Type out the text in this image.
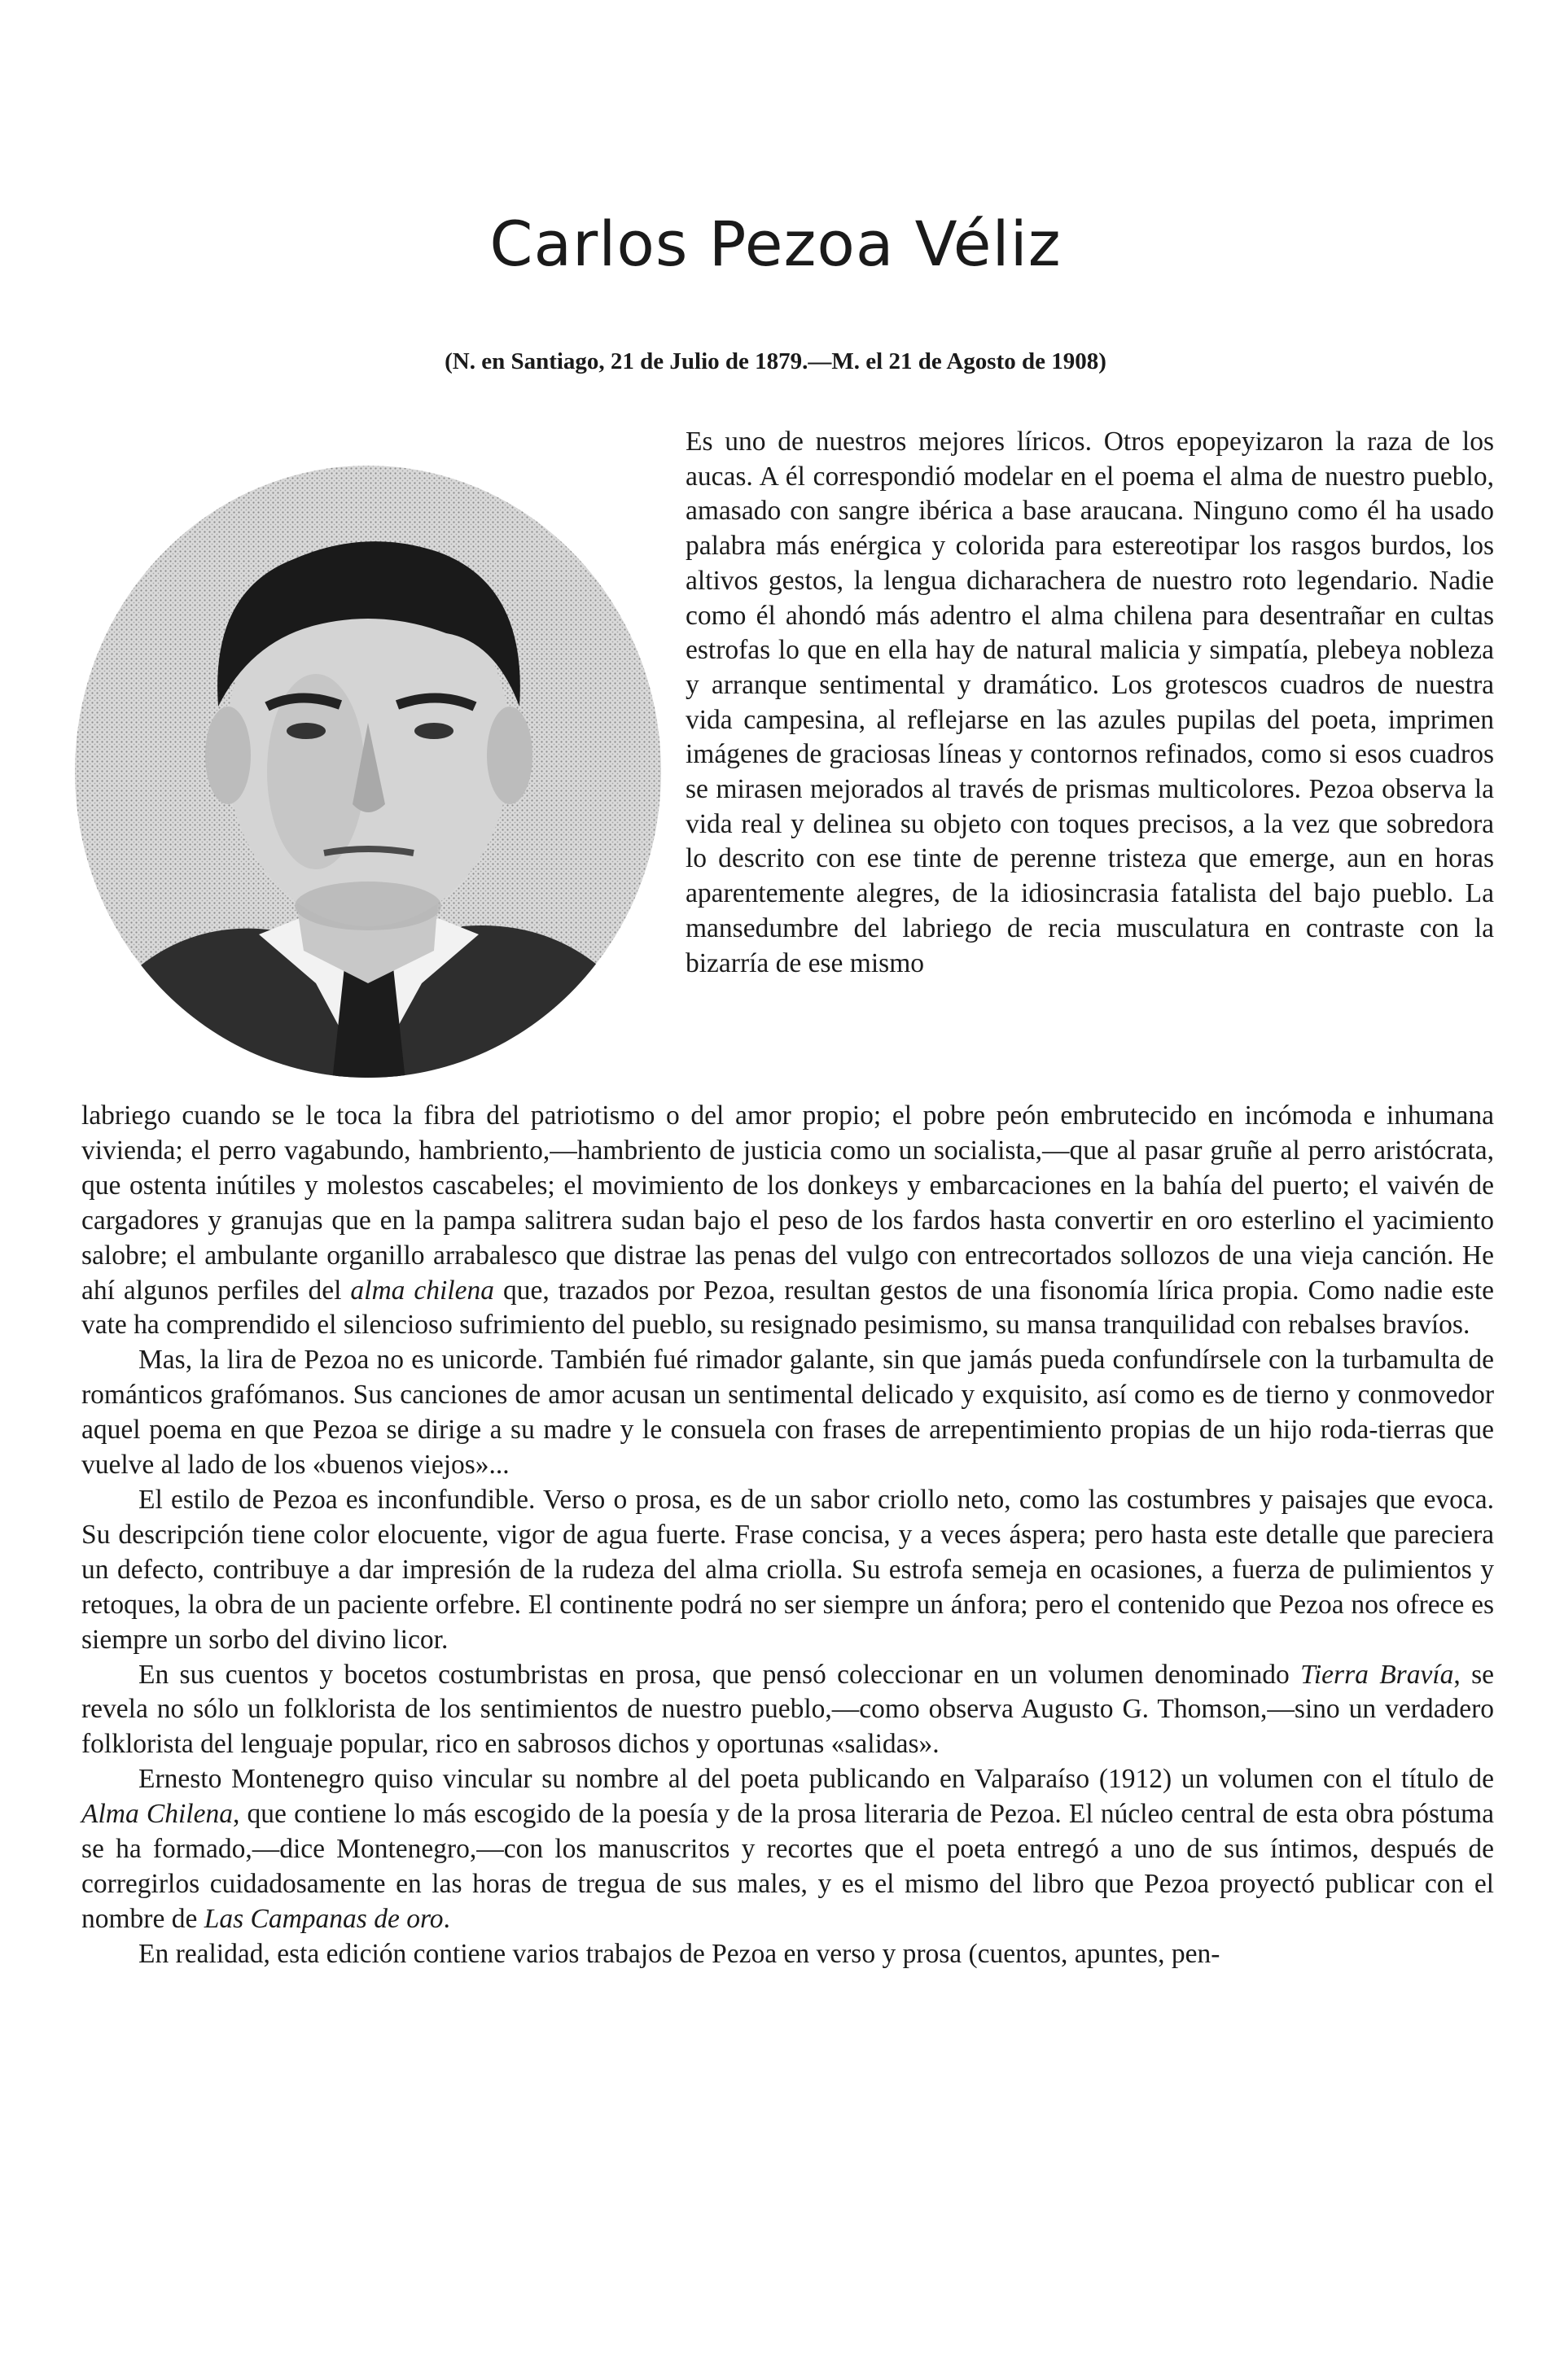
Carlos Pezoa Véliz
(N. en Santiago, 21 de Julio de 1879.—M. el 21 de Agosto de 1908)

Es uno de nuestros mejores líricos. Otros epopeyizaron la raza de los aucas. A él correspondió modelar en el poema el alma de nuestro pueblo, amasado con sangre ibérica a base araucana. Ninguno como él ha usado palabra más enérgica y colorida para estereotipar los rasgos burdos, los altivos gestos, la lengua dicharachera de nuestro roto legendario. Nadie como él ahondó más adentro el alma chilena para desentrañar en cultas estrofas lo que en ella hay de natural malicia y simpatía, plebeya nobleza y arranque sentimental y dramático. Los grotescos cuadros de nuestra vida campesina, al reflejarse en las azules pupilas del poeta, imprimen imágenes de graciosas líneas y contornos refinados, como si esos cuadros se mirasen mejorados al través de prismas multicolores. Pezoa observa la vida real y delinea su objeto con toques precisos, a la vez que sobredora lo descrito con ese tinte de perenne tristeza que emerge, aun en horas aparentemente alegres, de la idiosincrasia fatalista del bajo pueblo. La mansedumbre del labriego de recia musculatura en contraste con la bizarría de ese mismo

labriego cuando se le toca la fibra del patriotismo o del amor propio; el pobre peón embrutecido en incómoda e inhumana vivienda; el perro vagabundo, hambriento,—hambriento de justicia como un socialista,—que al pasar gruñe al perro aristócrata, que ostenta inútiles y molestos cascabeles; el movimiento de los donkeys y embarcaciones en la bahía del puerto; el vaivén de cargadores y granujas que en la pampa salitrera sudan bajo el peso de los fardos hasta convertir en oro esterlino el yacimiento salobre; el ambulante organillo arrabalesco que distrae las penas del vulgo con entrecortados sollozos de una vieja canción. He ahí algunos perfiles del alma chilena que, trazados por Pezoa, resultan gestos de una fisonomía lírica propia. Como nadie este vate ha comprendido el silencioso sufrimiento del pueblo, su resignado pesimismo, su mansa tranquilidad con rebalses bravíos.

Mas, la lira de Pezoa no es unicorde. También fué rimador galante, sin que jamás pueda confundírsele con la turbamulta de románticos grafómanos. Sus canciones de amor acusan un sentimental delicado y exquisito, así como es de tierno y conmovedor aquel poema en que Pezoa se dirige a su madre y le consuela con frases de arrepentimiento propias de un hijo roda-tierras que vuelve al lado de los «buenos viejos»...

El estilo de Pezoa es inconfundible. Verso o prosa, es de un sabor criollo neto, como las costumbres y paisajes que evoca. Su descripción tiene color elocuente, vigor de agua fuerte. Frase concisa, y a veces áspera; pero hasta este detalle que pareciera un defecto, contribuye a dar impresión de la rudeza del alma criolla. Su estrofa semeja en ocasiones, a fuerza de pulimientos y retoques, la obra de un paciente orfebre. El continente podrá no ser siempre un ánfora; pero el contenido que Pezoa nos ofrece es siempre un sorbo del divino licor.

En sus cuentos y bocetos costumbristas en prosa, que pensó coleccionar en un volumen denominado Tierra Bravía, se revela no sólo un folklorista de los sentimientos de nuestro pueblo,—como observa Augusto G. Thomson,—sino un verdadero folklorista del lenguaje popular, rico en sabrosos dichos y oportunas «salidas».

Ernesto Montenegro quiso vincular su nombre al del poeta publicando en Valparaíso (1912) un volumen con el título de Alma Chilena, que contiene lo más escogido de la poesía y de la prosa literaria de Pezoa. El núcleo central de esta obra póstuma se ha formado,—dice Montenegro,—con los manuscritos y recortes que el poeta entregó a uno de sus íntimos, después de corregirlos cuidadosamente en las horas de tregua de sus males, y es el mismo del libro que Pezoa proyectó publicar con el nombre de Las Campanas de oro.

En realidad, esta edición contiene varios trabajos de Pezoa en verso y prosa (cuentos, apuntes, pen-
